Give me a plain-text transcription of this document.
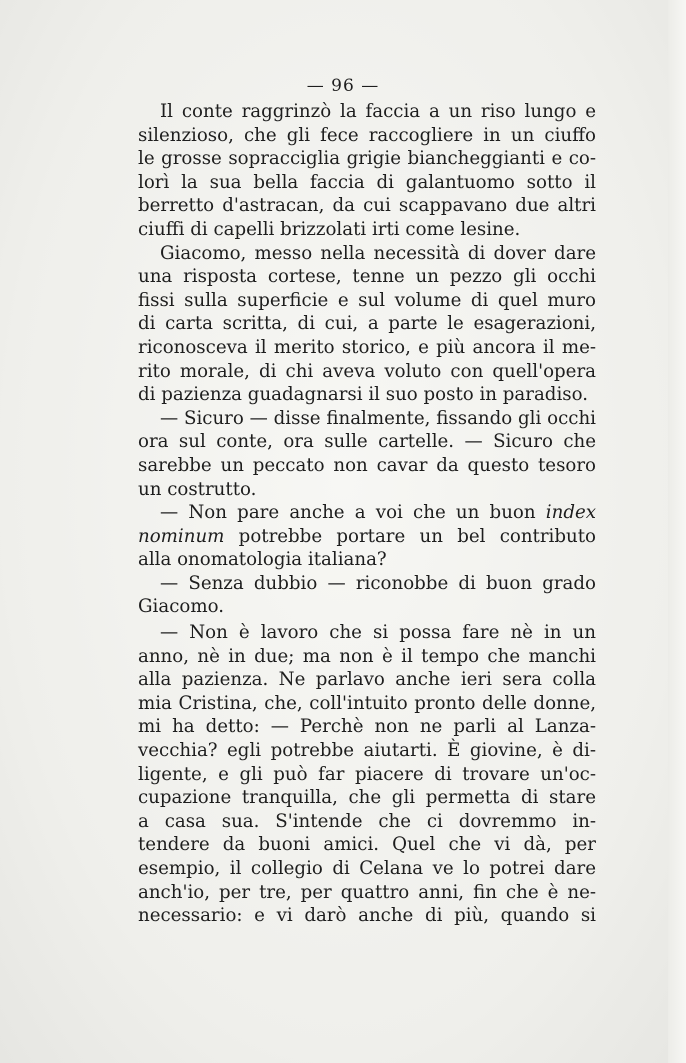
— 96 —
Il conte raggrinzò la faccia a un riso lungo e
silenzioso, che gli fece raccogliere in un ciuffo
le grosse sopracciglia grigie biancheggianti e co-
lorì la sua bella faccia di galantuomo sotto il
berretto d'astracan, da cui scappavano due altri
ciuffi di capelli brizzolati irti come lesine.
Giacomo, messo nella necessità di dover dare
una risposta cortese, tenne un pezzo gli occhi
fissi sulla superficie e sul volume di quel muro
di carta scritta, di cui, a parte le esagerazioni,
riconosceva il merito storico, e più ancora il me-
rito morale, di chi aveva voluto con quell'opera
di pazienza guadagnarsi il suo posto in paradiso.
— Sicuro — disse finalmente, fissando gli occhi
ora sul conte, ora sulle cartelle. — Sicuro che
sarebbe un peccato non cavar da questo tesoro
un costrutto.
— Non pare anche a voi che un buon index
nominum potrebbe portare un bel contributo
alla onomatologia italiana?
— Senza dubbio — riconobbe di buon grado
Giacomo.
— Non è lavoro che si possa fare nè in un
anno, nè in due; ma non è il tempo che manchi
alla pazienza. Ne parlavo anche ieri sera colla
mia Cristina, che, coll'intuito pronto delle donne,
mi ha detto: — Perchè non ne parli al Lanza-
vecchia? egli potrebbe aiutarti. È giovine, è di-
ligente, e gli può far piacere di trovare un'oc-
cupazione tranquilla, che gli permetta di stare
a casa sua. S'intende che ci dovremmo in-
tendere da buoni amici. Quel che vi dà, per
esempio, il collegio di Celana ve lo potrei dare
anch'io, per tre, per quattro anni, fin che è ne-
necessario: e vi darò anche di più, quando si
